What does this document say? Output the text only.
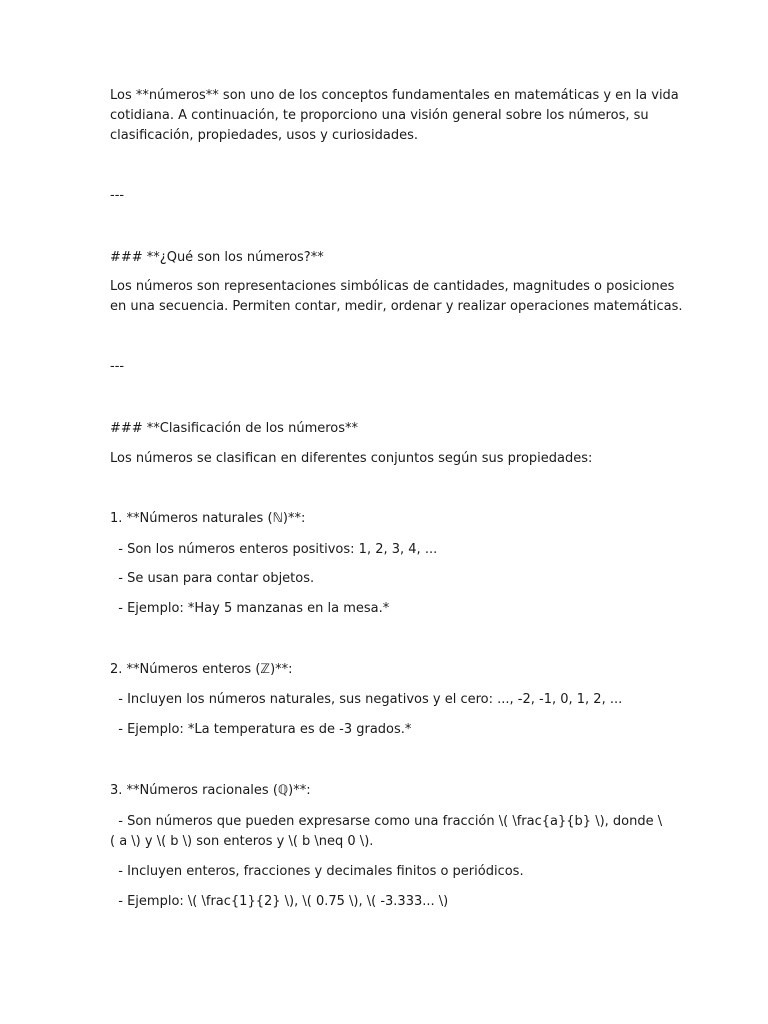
Los **números** son uno de los conceptos fundamentales en matemáticas y en la vida

cotidiana. A continuación, te proporciono una visión general sobre los números, su

clasificación, propiedades, usos y curiosidades.

---

### **¿Qué son los números?**

Los números son representaciones simbólicas de cantidades, magnitudes o posiciones

en una secuencia. Permiten contar, medir, ordenar y realizar operaciones matemáticas.

---

### **Clasificación de los números**

Los números se clasifican en diferentes conjuntos según sus propiedades:

1. **Números naturales (ℕ)**:

- Son los números enteros positivos: 1, 2, 3, 4, ...

- Se usan para contar objetos.

- Ejemplo: *Hay 5 manzanas en la mesa.*

2. **Números enteros (ℤ)**:

- Incluyen los números naturales, sus negativos y el cero: ..., -2, -1, 0, 1, 2, ...

- Ejemplo: *La temperatura es de -3 grados.*

3. **Números racionales (ℚ)**:

- Son números que pueden expresarse como una fracción \( \frac{a}{b} \), donde \

( a \) y \( b \) son enteros y \( b \neq 0 \).

- Incluyen enteros, fracciones y decimales finitos o periódicos.

- Ejemplo: \( \frac{1}{2} \), \( 0.75 \), \( -3.333... \)
